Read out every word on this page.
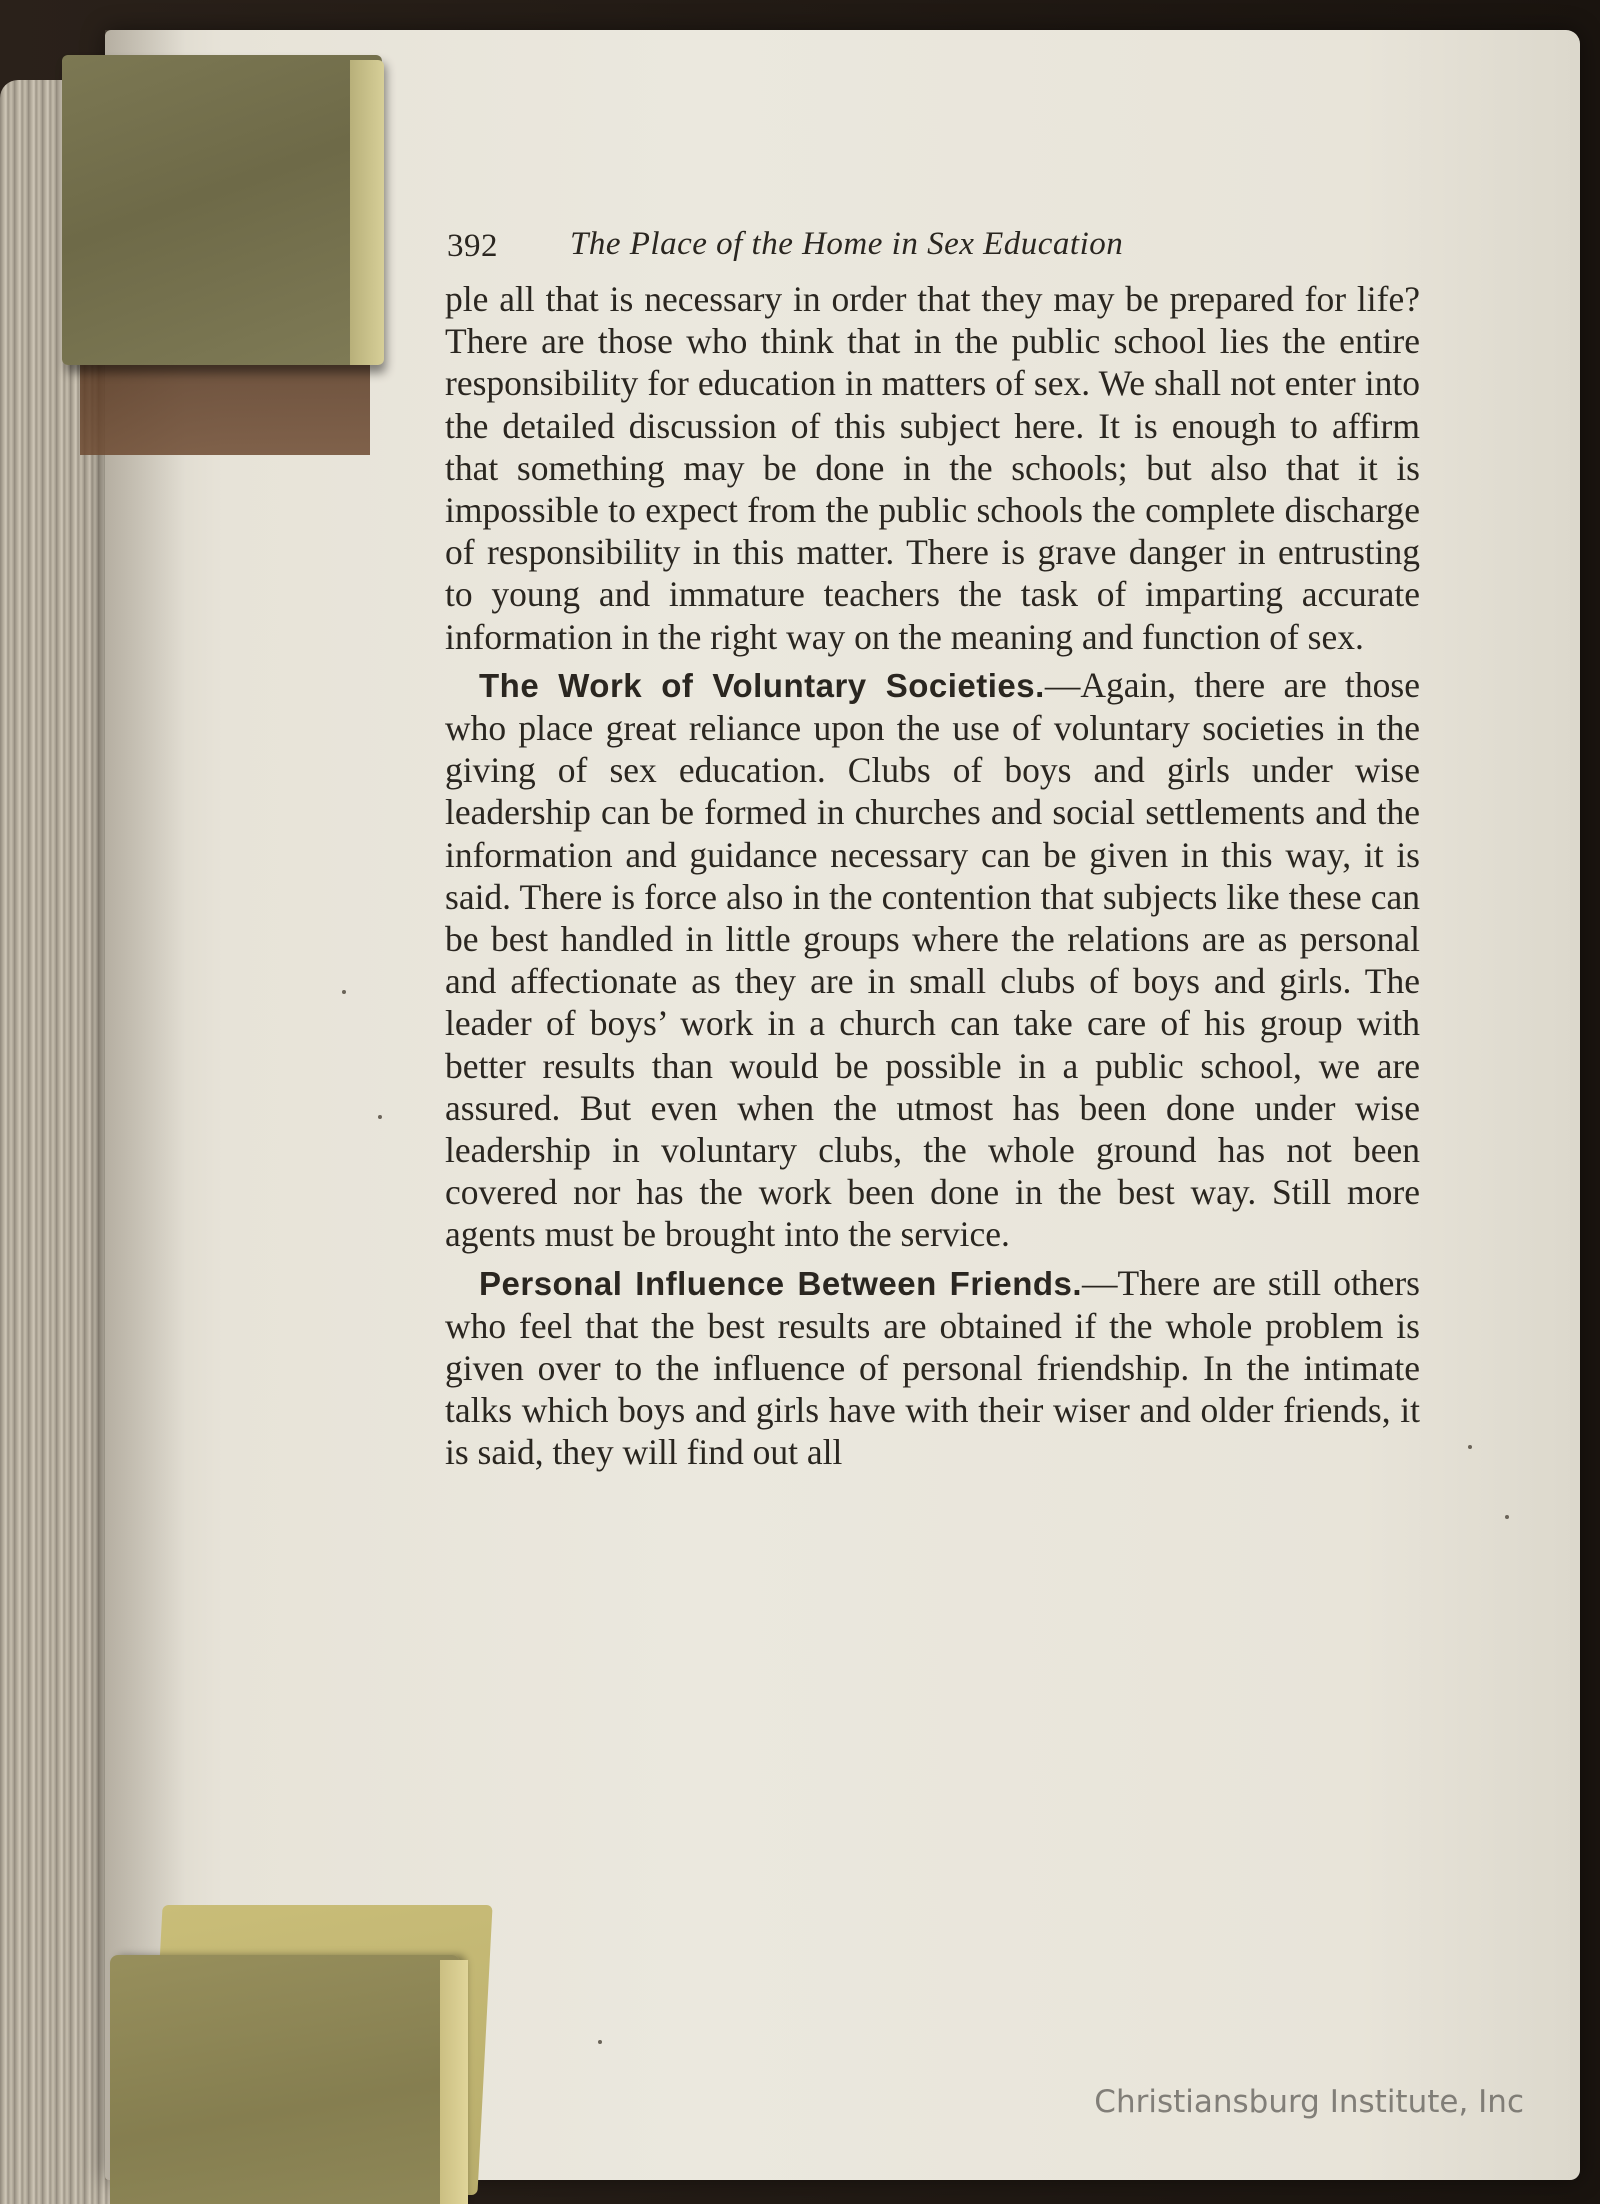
392 The Place of the Home in Sex Education

ple all that is necessary in order that they may be prepared for life? There are those who think that in the public school lies the entire responsibility for education in matters of sex. We shall not enter into the detailed discussion of this subject here. It is enough to affirm that something may be done in the schools; but also that it is impossible to expect from the public schools the complete discharge of responsibility in this matter. There is grave danger in entrusting to young and immature teachers the task of imparting accurate information in the right way on the meaning and function of sex.

The Work of Voluntary Societies.—Again, there are those who place great reliance upon the use of voluntary societies in the giving of sex education. Clubs of boys and girls under wise leadership can be formed in churches and social settlements and the information and guidance necessary can be given in this way, it is said. There is force also in the contention that subjects like these can be best handled in little groups where the relations are as personal and affectionate as they are in small clubs of boys and girls. The leader of boys’ work in a church can take care of his group with better results than would be possible in a public school, we are assured. But even when the utmost has been done under wise leadership in voluntary clubs, the whole ground has not been covered nor has the work been done in the best way. Still more agents must be brought into the service.

Personal Influence Between Friends.—There are still others who feel that the best results are obtained if the whole problem is given over to the influence of personal friendship. In the intimate talks which boys and girls have with their wiser and older friends, it is said, they will find out all

Christiansburg Institute, Inc
